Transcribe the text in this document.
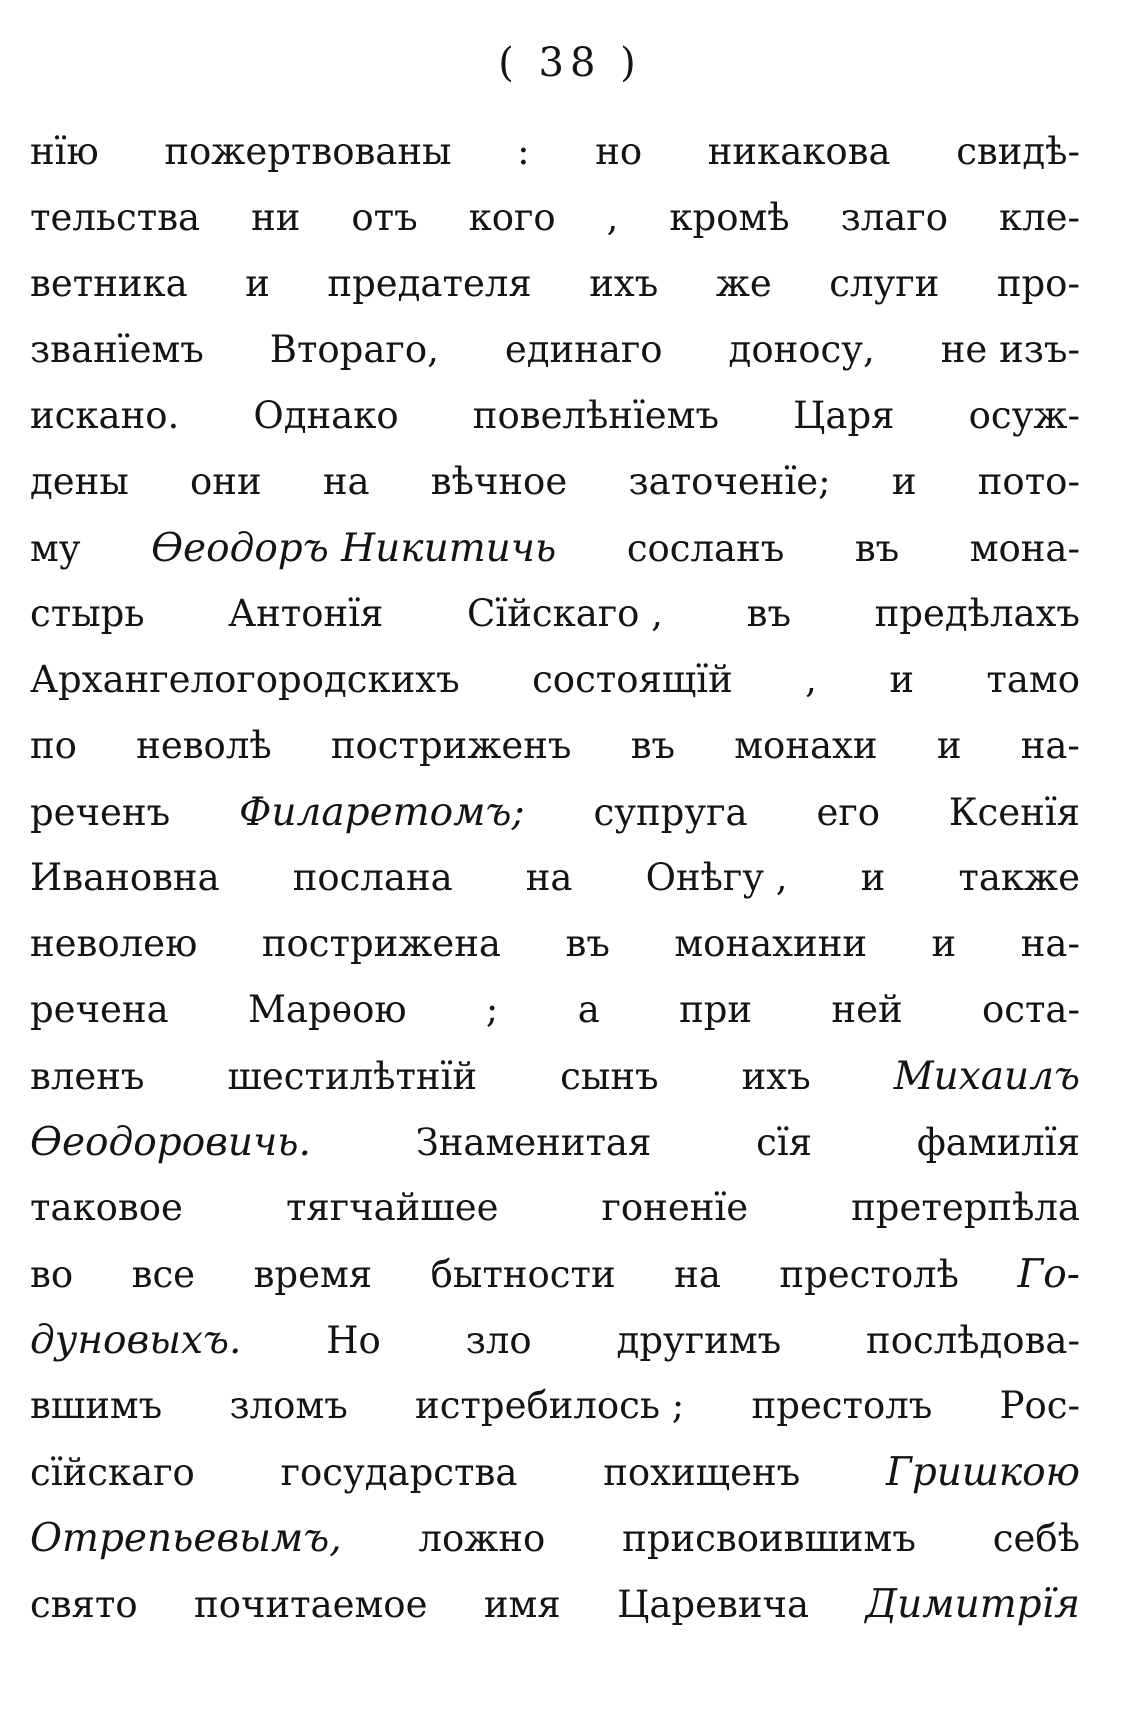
( 38 )
нїю пожертвованы : но никакова свидѣ-
тельства ни отъ кого , кромѣ злаго кле-
ветника и предателя ихъ же слуги про-
званїемъ Втораго, единаго доносу, не изъ-
искано. Однако повелѣнїемъ Царя осуж-
дены они на вѣчное заточенїе; и пото-
му Ѳеодоръ Никитичь сосланъ въ мона-
стырь Антонїя Сїйскаго , въ предѣлахъ
Архангелогородскихъ состоящїй , и тамо
по неволѣ постриженъ въ монахи и на-
реченъ Филаретомъ; супруга его Ксенїя
Ивановна послана на Онѣгу , и также
неволею пострижена въ монахини и на-
речена Марѳою ; а при ней оста-
вленъ шестилѣтнїй сынъ ихъ Михаилъ
Ѳеодоровичь.	Знаменитая	сїя	фамилїя
таковое	тягчайшее	гоненїе	претерпѣла
во все время бытности на престолѣ Го-
дуновыхъ. Но зло другимъ послѣдова-
вшимъ зломъ истребилось ; престолъ Рос-
сїйскаго государства похищенъ Гришкою
Отрепьевымъ, ложно присвоившимъ себѣ
свято почитаемое имя Царевича Димитрїя
